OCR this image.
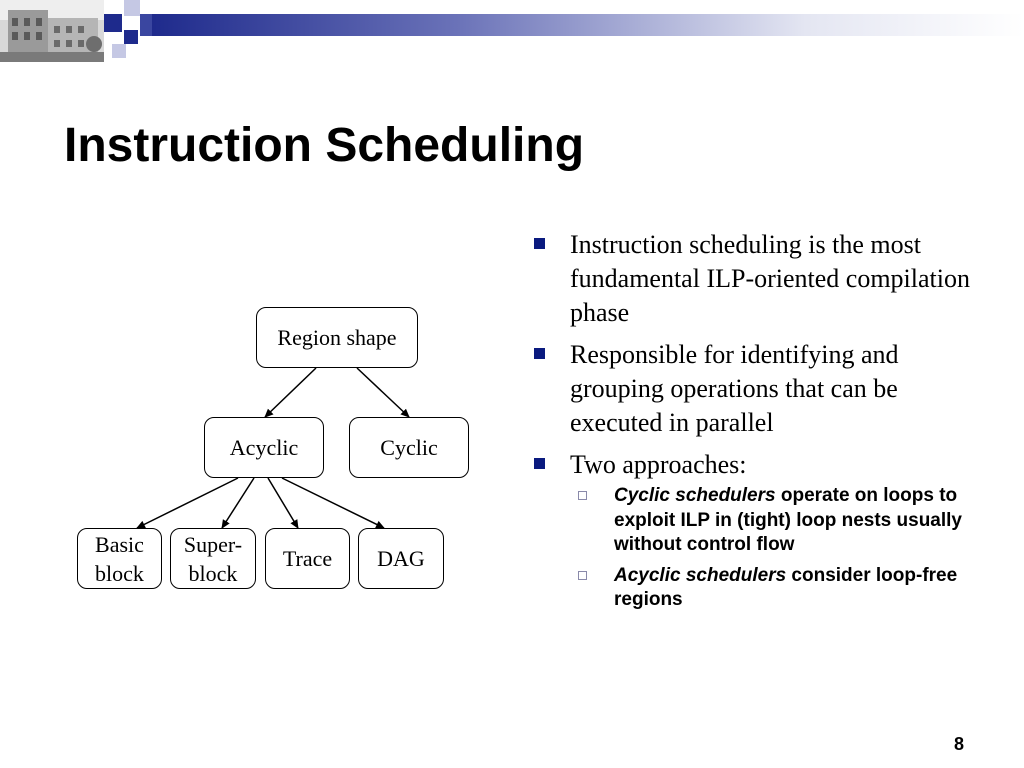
Instruction Scheduling
Region shape
Acyclic	Cyclic
Basic
block
Super-
block
Trace	DAG
Instruction scheduling is the most fundamental ILP-oriented compilation phase
Responsible for identifying and grouping operations that can be executed in parallel
Two approaches:
Cyclic schedulers operate on loops to exploit ILP in (tight) loop nests usually without control flow
Acyclic schedulers consider loop-free regions
8
